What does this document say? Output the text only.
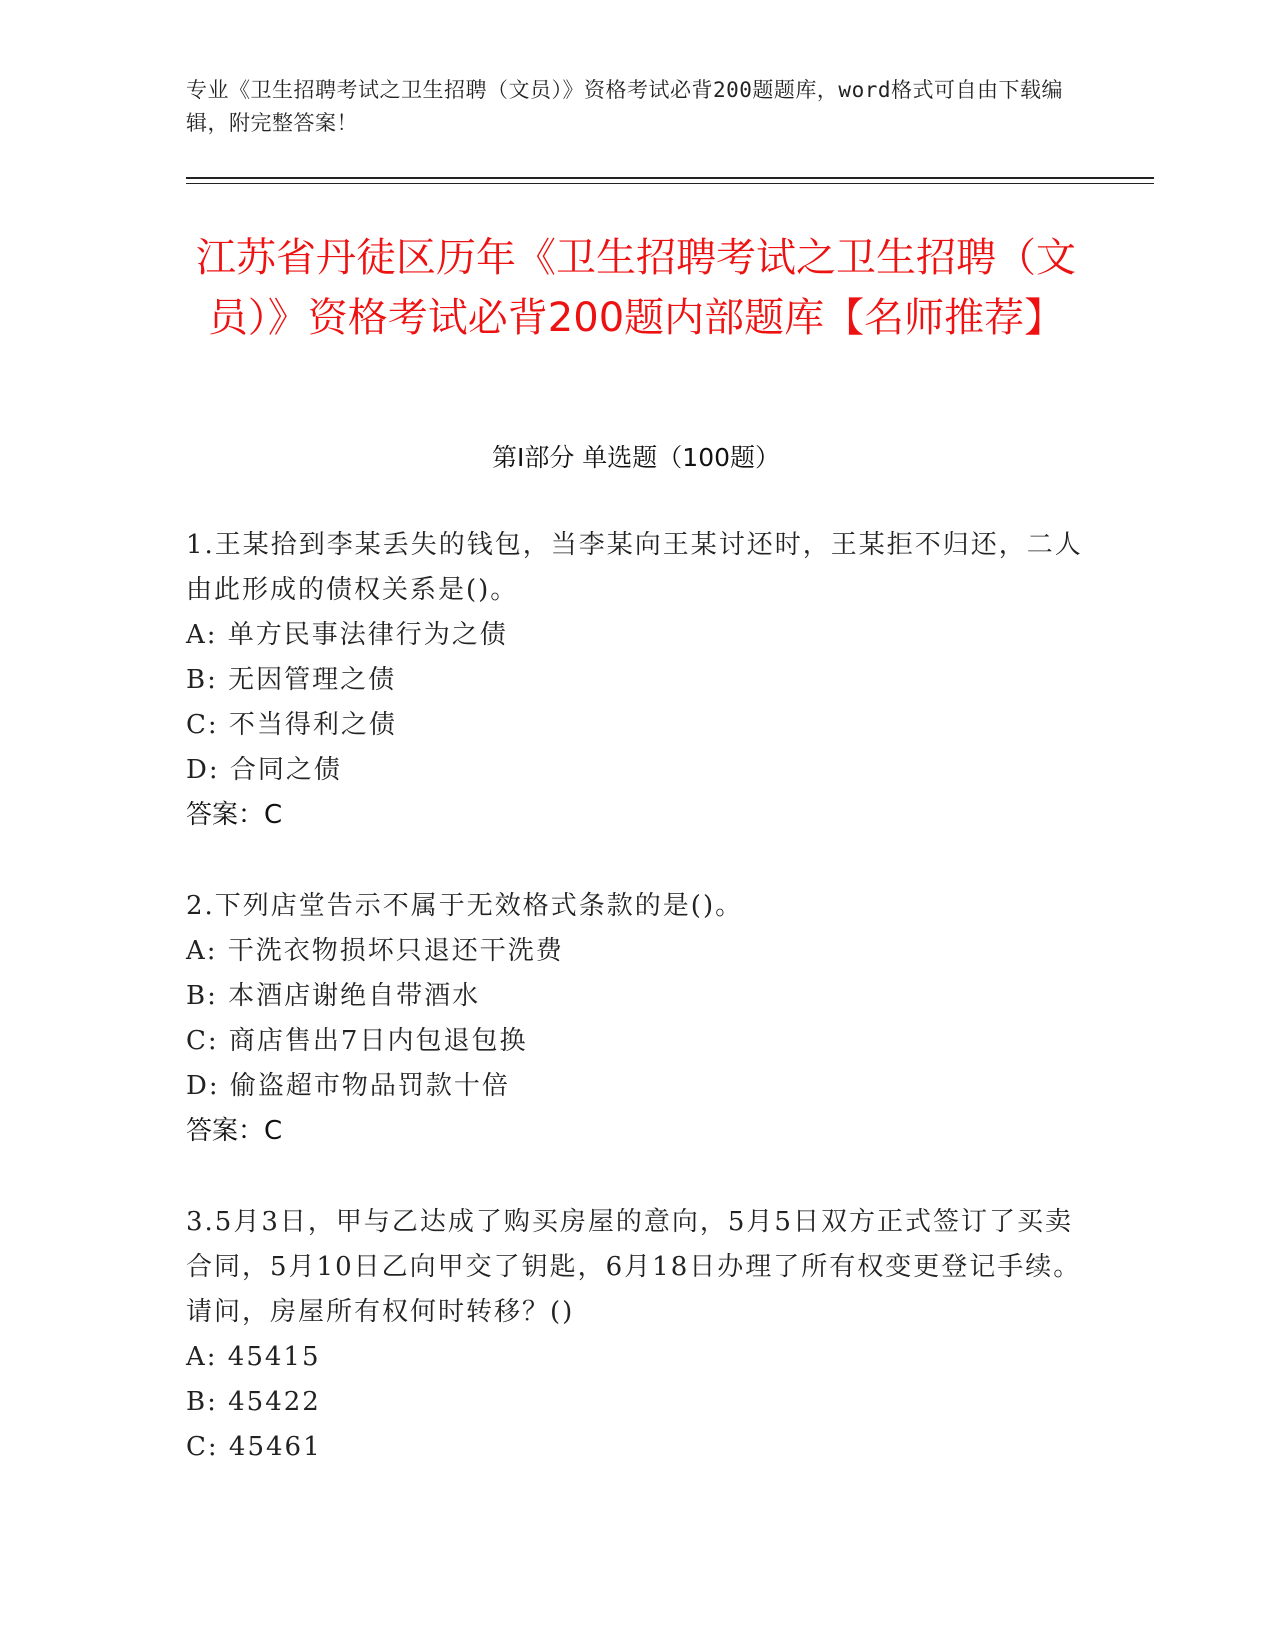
专业《卫生招聘考试之卫生招聘（文员）》资格考试必背200题题库，word格式可自由下载编辑，附完整答案！
江苏省丹徒区历年《卫生招聘考试之卫生招聘（文员）》资格考试必背200题内部题库【名师推荐】
第I部分 单选题（100题）
1.王某拾到李某丢失的钱包，当李某向王某讨还时，王某拒不归还，二人由此形成的债权关系是()。
A: 单方民事法律行为之债
B: 无因管理之债
C: 不当得利之债
D: 合同之债
答案：C
2.下列店堂告示不属于无效格式条款的是()。
A: 干洗衣物损坏只退还干洗费
B: 本酒店谢绝自带酒水
C: 商店售出7日内包退包换
D: 偷盗超市物品罚款十倍
答案：C
3.5月3日，甲与乙达成了购买房屋的意向，5月5日双方正式签订了买卖合同，5月10日乙向甲交了钥匙，6月18日办理了所有权变更登记手续。请问，房屋所有权何时转移？()
A: 45415
B: 45422
C: 45461
